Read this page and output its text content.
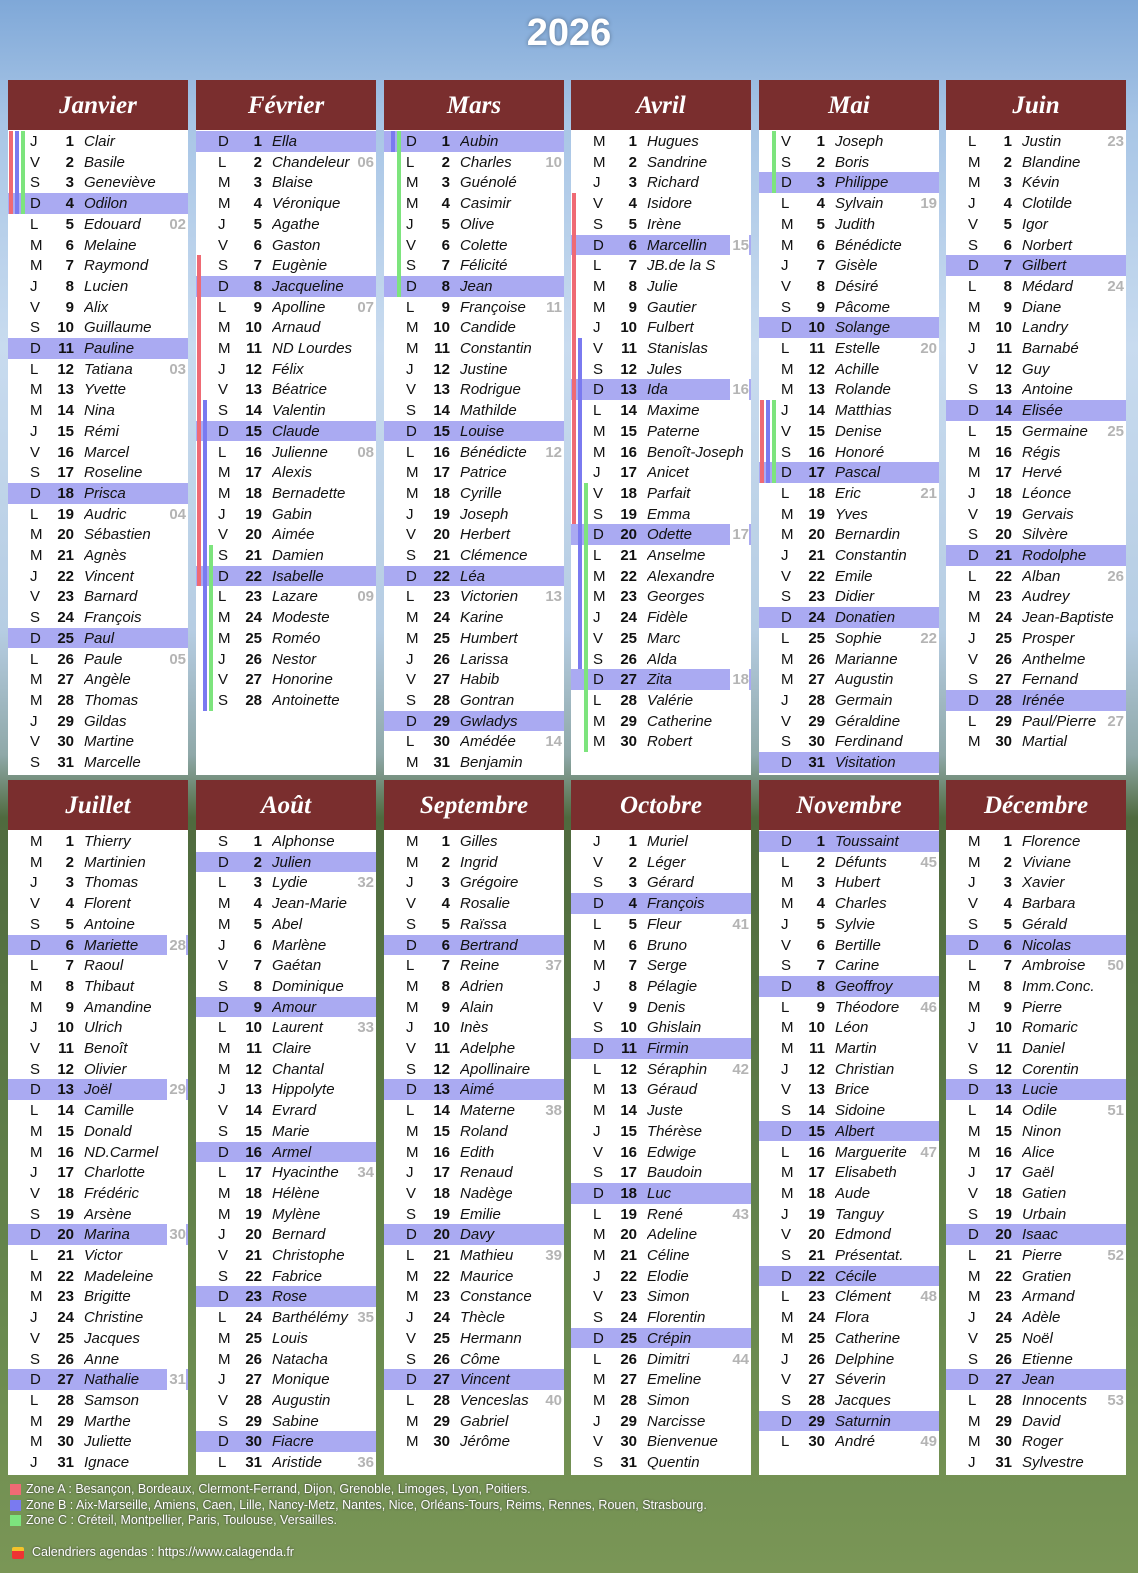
2026
Janvier
J	1 Clair
V	2 Basile
S	3 Geneviève
D	4 Odilon
L	5 Edouard	02
M	6 Melaine
M	7 Raymond
J	8 Lucien
V	9 Alix
S 10 Guillaume
D 11 Pauline
L	12 Tatiana	03
M 13 Yvette
M 14 Nina
J	15 Rémi
V 16 Marcel
S 17 Roseline
D 18 Prisca
L	19 Audric	04
M 20 Sébastien
M 21 Agnès
J	22 Vincent
V 23 Barnard
S 24 François
D 25 Paul
L	26 Paule	05
M 27 Angèle
M 28 Thomas
J	29 Gildas
V 30 Martine
S 31 Marcelle
Février
D	1 Ella
L	2 Chandeleur 06
M	3 Blaise
M	4 Véronique
J	5 Agathe
V	6 Gaston
S	7 Eugènie
D	8 Jacqueline
L	9 Apolline	07
M 10 Arnaud
M 11 ND Lourdes
J	12 Félix
V 13 Béatrice
S 14 Valentin
D 15 Claude
L	16 Julienne	08
M 17 Alexis
M 18 Bernadette
J	19 Gabin
V 20 Aimée
S 21 Damien
D 22 Isabelle
L	23 Lazare	09
M 24 Modeste
M 25 Roméo
J	26 Nestor
V 27 Honorine
S 28 Antoinette
Mars
D	1 Aubin
L	2 Charles	10
M	3 Guénolé
M	4 Casimir
J	5 Olive
V	6 Colette
S	7 Félicité
D	8 Jean
L	9 Françoise	11
M 10 Candide
M 11 Constantin
J	12 Justine
V 13 Rodrigue
S 14 Mathilde
D 15 Louise
L	16 Bénédicte	12
M 17 Patrice
M 18 Cyrille
J	19 Joseph
V 20 Herbert
S 21 Clémence
D 22 Léa
L	23 Victorien	13
M 24 Karine
M 25 Humbert
J	26 Larissa
V 27 Habib
S 28 Gontran
D 29 Gwladys
L	30 Amédée	14
M 31 Benjamin
Avril
M	1 Hugues
M	2 Sandrine
J	3 Richard
V	4 Isidore
S	5 Irène
D	6 Marcellin	15
L	7 JB.de la S
M	8 Julie
M	9 Gautier
J	10 Fulbert
V 11 Stanislas
S 12 Jules
D 13 Ida	16
L	14 Maxime
M 15 Paterne
M 16 Benoît-Joseph
J	17 Anicet
V 18 Parfait
S 19 Emma
D 20 Odette	17
L	21 Anselme
M 22 Alexandre
M 23 Georges
J	24 Fidèle
V 25 Marc
S 26 Alda
D 27 Zita	18
L	28 Valérie
M 29 Catherine
M 30 Robert
Mai
V	1 Joseph
S	2 Boris
D	3 Philippe
L	4 Sylvain	19
M	5 Judith
M	6 Bénédicte
J	7 Gisèle
V	8 Désiré
S	9 Pâcome
D 10 Solange
L	11 Estelle	20
M 12 Achille
M 13 Rolande
J	14 Matthias
V 15 Denise
S 16 Honoré
D 17 Pascal
L	18 Eric	21
M 19 Yves
M 20 Bernardin
J	21 Constantin
V 22 Emile
S 23 Didier
D 24 Donatien
L	25 Sophie	22
M 26 Marianne
M 27 Augustin
J	28 Germain
V 29 Géraldine
S 30 Ferdinand
D 31 Visitation
Juin
L	1 Justin	23
M	2 Blandine
M	3 Kévin
J	4 Clotilde
V	5 Igor
S	6 Norbert
D	7 Gilbert
L	8 Médard	24
M	9 Diane
M 10 Landry
J	11 Barnabé
V 12 Guy
S 13 Antoine
D 14 Elisée
L	15 Germaine	25
M 16 Régis
M 17 Hervé
J	18 Léonce
V 19 Gervais
S 20 Silvère
D 21 Rodolphe
L	22 Alban	26
M 23 Audrey
M 24 Jean-Baptiste
J	25 Prosper
V 26 Anthelme
S 27 Fernand
D 28 Irénée
L	29 Paul/Pierre 27
M 30 Martial
Juillet
M	1 Thierry
M	2 Martinien
J	3 Thomas
V	4 Florent
S	5 Antoine
D	6 Mariette	28
L	7 Raoul
M	8 Thibaut
M	9 Amandine
J	10 Ulrich
V 11 Benoît
S 12 Olivier
D 13 Joël	29
L	14 Camille
M 15 Donald
M 16 ND.Carmel
J	17 Charlotte
V 18 Frédéric
S 19 Arsène
D 20 Marina	30
L	21 Victor
M 22 Madeleine
M 23 Brigitte
J	24 Christine
V 25 Jacques
S 26 Anne
D 27 Nathalie	31
L	28 Samson
M 29 Marthe
M 30 Juliette
J	31 Ignace
Août
S	1 Alphonse
D	2 Julien
L	3 Lydie	32
M	4 Jean-Marie
M	5 Abel
J	6 Marlène
V	7 Gaétan
S	8 Dominique
D	9 Amour
L	10 Laurent	33
M 11 Claire
M 12 Chantal
J	13 Hippolyte
V 14 Evrard
S 15 Marie
D 16 Armel
L	17 Hyacinthe	34
M 18 Hélène
M 19 Mylène
J	20 Bernard
V 21 Christophe
S 22 Fabrice
D 23 Rose
L	24 Barthélémy 35
M 25 Louis
M 26 Natacha
J	27 Monique
V 28 Augustin
S 29 Sabine
D 30 Fiacre
L	31 Aristide	36
Septembre
M	1 Gilles
M	2 Ingrid
J	3 Grégoire
V	4 Rosalie
S	5 Raïssa
D	6 Bertrand
L	7 Reine	37
M	8 Adrien
M	9 Alain
J	10 Inès
V 11 Adelphe
S 12 Apollinaire
D 13 Aimé
L	14 Materne	38
M 15 Roland
M 16 Edith
J	17 Renaud
V 18 Nadège
S 19 Emilie
D 20 Davy
L	21 Mathieu	39
M 22 Maurice
M 23 Constance
J	24 Thècle
V 25 Hermann
S 26 Côme
D 27 Vincent
L	28 Venceslas	40
M 29 Gabriel
M 30 Jérôme
Octobre
J	1 Muriel
V	2 Léger
S	3 Gérard
D	4 François
L	5 Fleur	41
M	6 Bruno
M	7 Serge
J	8 Pélagie
V	9 Denis
S 10 Ghislain
D 11 Firmin
L	12 Séraphin	42
M 13 Géraud
M 14 Juste
J	15 Thérèse
V 16 Edwige
S 17 Baudoin
D 18 Luc
L	19 René	43
M 20 Adeline
M 21 Céline
J	22 Elodie
V 23 Simon
S 24 Florentin
D 25 Crépin
L	26 Dimitri	44
M 27 Emeline
M 28 Simon
J	29 Narcisse
V 30 Bienvenue
S 31 Quentin
Novembre
D	1 Toussaint
L	2 Défunts	45
M	3 Hubert
M	4 Charles
J	5 Sylvie
V	6 Bertille
S	7 Carine
D	8 Geoffroy
L	9 Théodore	46
M 10 Léon
M 11 Martin
J	12 Christian
V 13 Brice
S 14 Sidoine
D 15 Albert
L	16 Marguerite 47
M 17 Elisabeth
M 18 Aude
J	19 Tanguy
V 20 Edmond
S 21 Présentat.
D 22 Cécile
L	23 Clément	48
M 24 Flora
M 25 Catherine
J	26 Delphine
V 27 Séverin
S 28 Jacques
D 29 Saturnin
L	30 André	49
Décembre
M	1 Florence
M	2 Viviane
J	3 Xavier
V	4 Barbara
S	5 Gérald
D	6 Nicolas
L	7 Ambroise	50
M	8 Imm.Conc.
M	9 Pierre
J	10 Romaric
V 11 Daniel
S 12 Corentin
D 13 Lucie
L	14 Odile	51
M 15 Ninon
M 16 Alice
J	17 Gaël
V 18 Gatien
S 19 Urbain
D 20 Isaac
L	21 Pierre	52
M 22 Gratien
M 23 Armand
J	24 Adèle
V 25 Noël
S 26 Etienne
D 27 Jean
L	28 Innocents	53
M 29 David
M 30 Roger
J	31 Sylvestre
Zone A : Besançon, Bordeaux, Clermont-Ferrand, Dijon, Grenoble, Limoges, Lyon, Poitiers.
Zone B : Aix-Marseille, Amiens, Caen, Lille, Nancy-Metz, Nantes, Nice, Orléans-Tours, Reims, Rennes, Rouen, Strasbourg.
Zone C : Créteil, Montpellier, Paris, Toulouse, Versailles.
Calendriers agendas : https://www.calagenda.fr
